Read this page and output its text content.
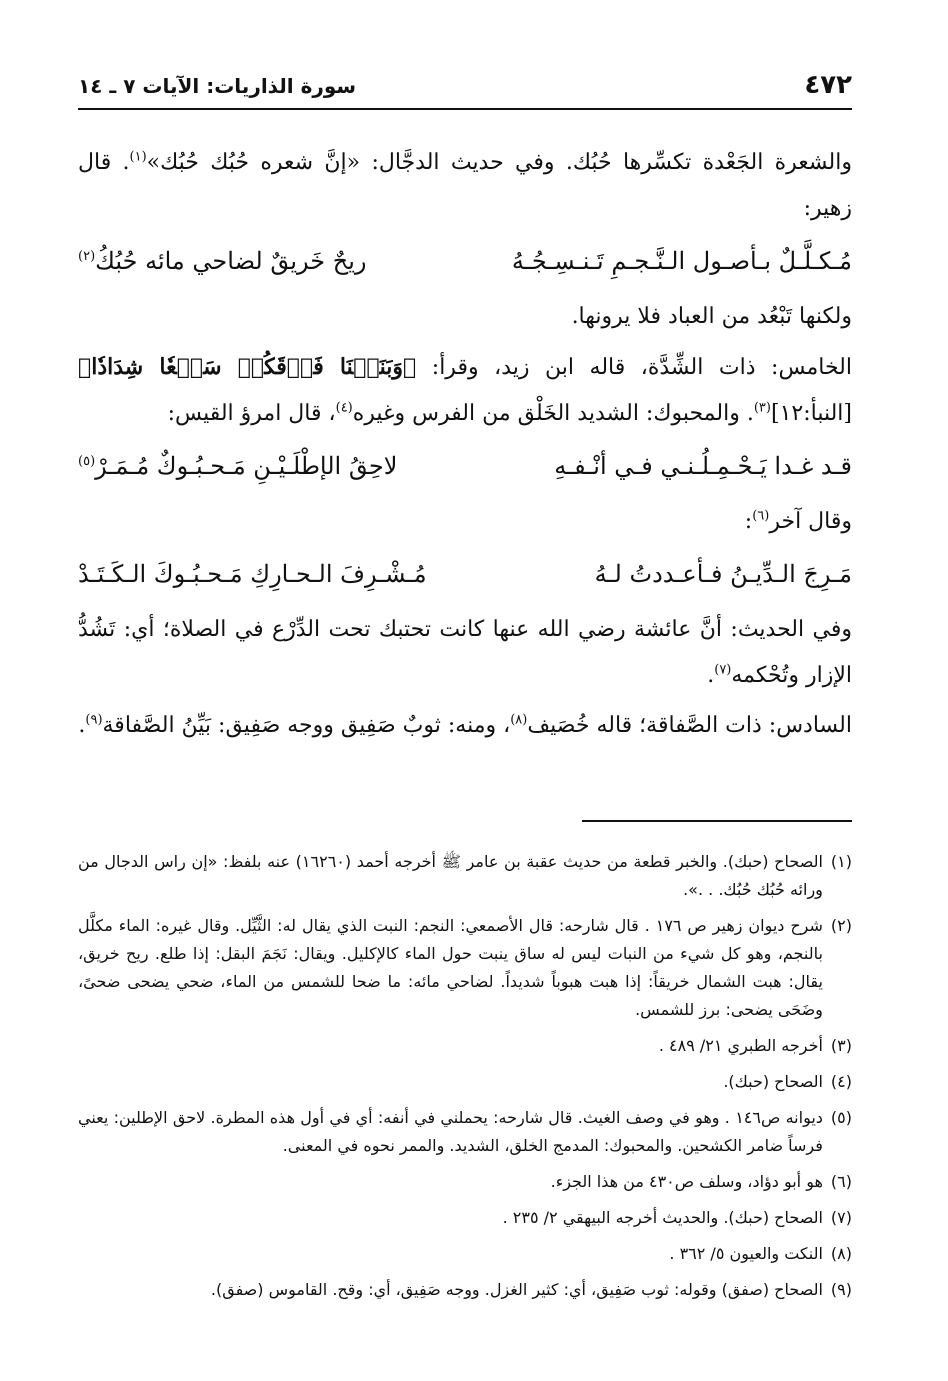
٤٧٢
سورة الذاريات: الآيات ٧ ـ ١٤

والشعرة الجَعْدة تكسِّرها حُبُك. وفي حديث الدجَّال: «إنَّ شعره حُبُك حُبُك»$^{(١)}$. قال زهير:

مُـكـلَّـلٌ بـأصـول الـنَّـجـمِ تَـنـسِـجُـهُ
ريحٌ خَريقٌ لضاحي مائه حُبُكُ$^{(٢)}$

ولكنها تَبْعُد من العباد فلا يرونها.

الخامس: ذات الشِّدَّة، قاله ابن زيد، وقرأ: ﴿وَبَنَيۡنَا فَوۡقَكُمۡ سَبۡعٗا شِدَادٗا﴾ [النبأ:١٢]$^{(٣)}$. والمحبوك: الشديد الخَلْق من الفرس وغيره$^{(٤)}$، قال امرؤ القيس:

قـد غـدا يَـحْـمِـلُـنـي فـي أنْـفـهِ
لاحِقُ الإطْلَـيْـنِ مَـحـبُـوكٌ مُـمَـرْ$^{(٥)}$

وقال آخر$^{(٦)}$:

مَـرِجَ الـدِّيـنُ فـأعـددتُ لـهُ
مُـشْـرِفَ الـحـارِكِ مَـحـبُـوكَ الـكَـتَـدْ

وفي الحديث: أنَّ عائشة رضي الله عنها كانت تحتبك تحت الدِّرْع في الصلاة؛ أي: تَشُدُّ الإزار وتُحْكمه$^{(٧)}$.

السادس: ذات الصَّفاقة؛ قاله خُصَيف$^{(٨)}$، ومنه: ثوبٌ صَفِيق ووجه صَفِيق: بَيِّنُ الصَّفاقة$^{(٩)}$.

(١)
الصحاح (حبك). والخبر قطعة من حديث عقبة بن عامر ﷺ أخرجه أحمد (١٦٢٦٠) عنه بلفظ: «إن راس الدجال من ورائه حُبُك حُبُك. . .».
(٢)
شرح ديوان زهير ص ١٧٦ . قال شارحه: قال الأصمعي: النجم: النبت الذي يقال له: الثَّيِّل. وقال غيره: الماء مكلَّل بالنجم، وهو كل شيء من النبات ليس له ساق ينبت حول الماء كالإكليل. ويقال: نَجَمَ البقل: إذا طلع. ريح خريق، يقال: هبت الشمال خريقاً: إذا هبت هبوباً شديداً. لضاحي مائه: ما ضحا للشمس من الماء، ضحي يضحى ضحىً، وضَحَى يضحى: برز للشمس.
(٣)
أخرجه الطبري ٢١/ ٤٨٩ .
(٤)
الصحاح (حبك).
(٥)
ديوانه ص١٤٦ . وهو في وصف الغيث. قال شارحه: يحملني في أنفه: أي في أول هذه المطرة. لاحق الإطلين: يعني فرساً ضامر الكشحين. والمحبوك: المدمج الخلق، الشديد. والممر نحوه في المعنى.
(٦)
هو أبو دؤاد، وسلف ص٤٣٠ من هذا الجزء.
(٧)
الصحاح (حبك). والحديث أخرجه البيهقي ٢/ ٢٣٥ .
(٨)
النكت والعيون ٥/ ٣٦٢ .
(٩)
الصحاح (صفق) وقوله: ثوب صَفِيق، أي: كثير الغزل. ووجه صَفِيق، أي: وقح. القاموس (صفق).
